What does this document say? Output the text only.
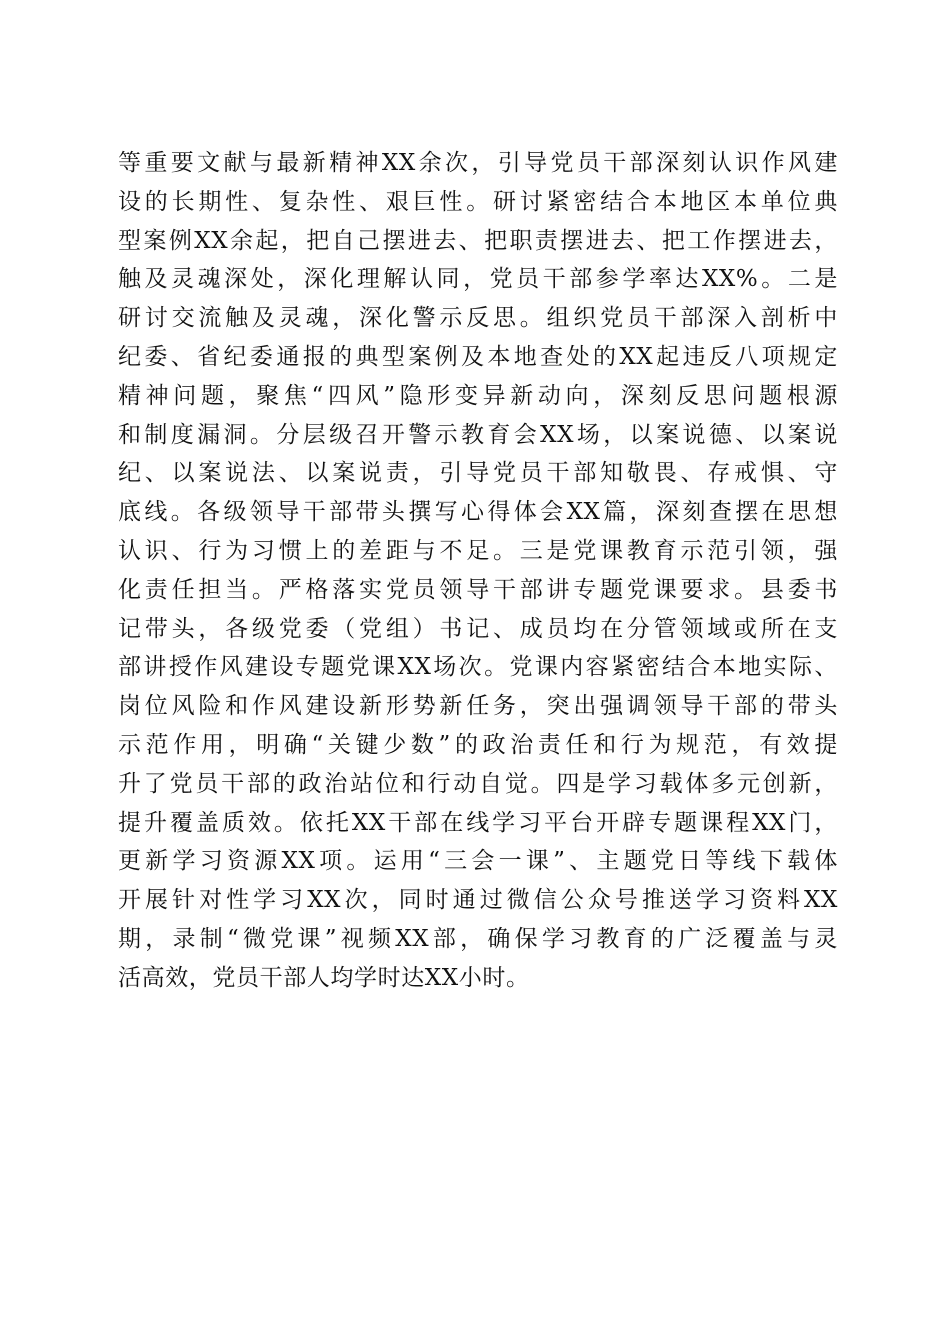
等重要文献与最新精神XX余次，引导党员干部深刻认识作风建
设的长期性、复杂性、艰巨性。研讨紧密结合本地区本单位典
型案例XX余起，把自己摆进去、把职责摆进去、把工作摆进去，
触及灵魂深处，深化理解认同，党员干部参学率达XX%。二是
研讨交流触及灵魂，深化警示反思。组织党员干部深入剖析中
纪委、省纪委通报的典型案例及本地查处的XX起违反八项规定
精神问题，聚焦“四风”隐形变异新动向，深刻反思问题根源
和制度漏洞。分层级召开警示教育会XX场，以案说德、以案说
纪、以案说法、以案说责，引导党员干部知敬畏、存戒惧、守
底线。各级领导干部带头撰写心得体会XX篇，深刻查摆在思想
认识、行为习惯上的差距与不足。三是党课教育示范引领，强
化责任担当。严格落实党员领导干部讲专题党课要求。县委书
记带头，各级党委（党组）书记、成员均在分管领域或所在支
部讲授作风建设专题党课XX场次。党课内容紧密结合本地实际、
岗位风险和作风建设新形势新任务，突出强调领导干部的带头
示范作用，明确“关键少数”的政治责任和行为规范，有效提
升了党员干部的政治站位和行动自觉。四是学习载体多元创新，
提升覆盖质效。依托XX干部在线学习平台开辟专题课程XX门，
更新学习资源XX项。运用“三会一课”、主题党日等线下载体
开展针对性学习XX次，同时通过微信公众号推送学习资料XX
期，录制“微党课”视频XX部，确保学习教育的广泛覆盖与灵
活高效，党员干部人均学时达XX小时。
